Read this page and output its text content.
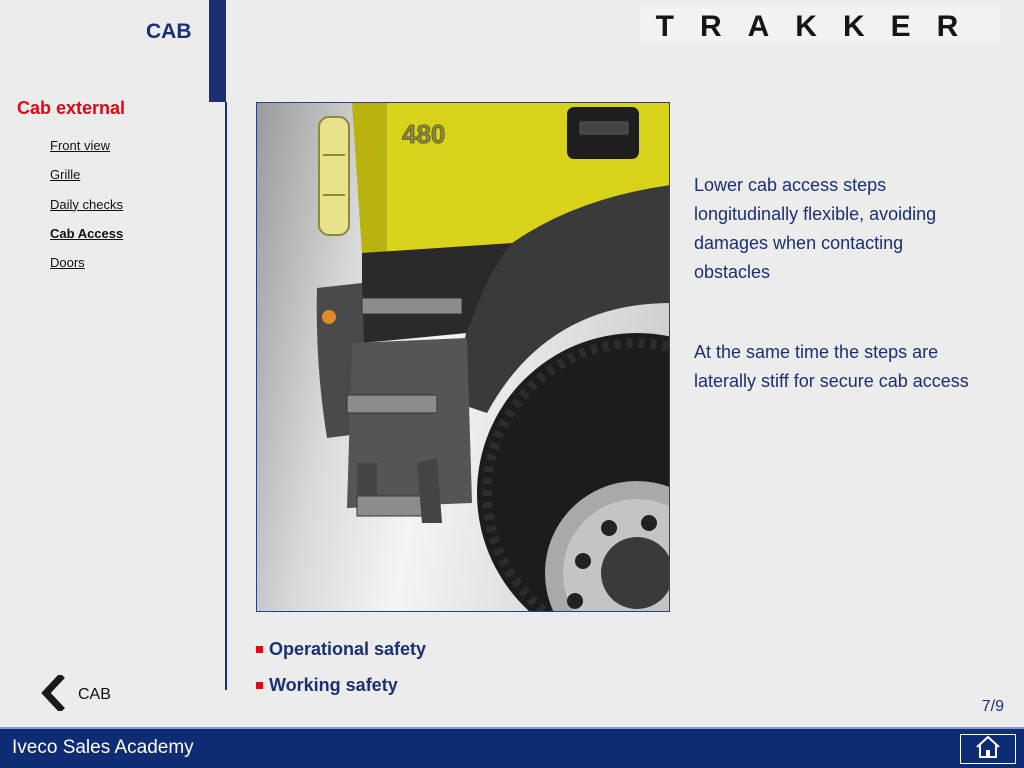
CAB	TRAKKER
Cab external
Front view
Grille
Daily checks
Cab Access
Doors
480
Lower cab access steps longitudinally flexible, avoiding damages when contacting obstacles
At the same time the steps are laterally stiff for secure cab access
Operational safety
Working safety
CAB
7/9
Iveco Sales Academy
